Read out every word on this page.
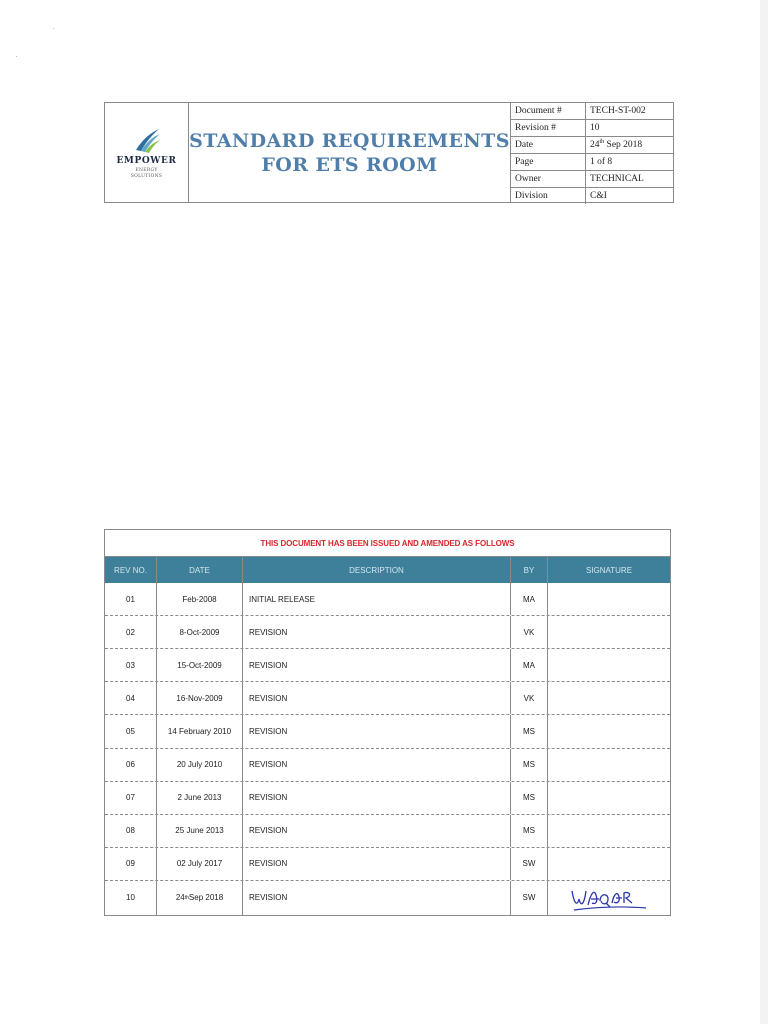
EMPOWER
ENERGY SOLUTIONS
STANDARD REQUIREMENTS
FOR ETS ROOM
Document #	TECH-ST-002
Revision #	10
Date	24th Sep 2018
Page	1 of 8
Owner	TECHNICAL
Division	C&I
THIS DOCUMENT HAS BEEN ISSUED AND AMENDED AS FOLLOWS
REV NO.	DATE	DESCRIPTION	BY	SIGNATURE
01	Feb-2008	INITIAL RELEASE	MA
02	8-Oct-2009	REVISION	VK
03	15-Oct-2009	REVISION	MA
04	16-Nov-2009	REVISION	VK
05	14 February 2010	REVISION	MS
06	20 July 2010	REVISION	MS
07	2 June 2013	REVISION	MS
08	25 June 2013	REVISION	MS
09	02 July 2017	REVISION	SW
10	24 th Sep 2018	REVISION	SW	WAQAR
